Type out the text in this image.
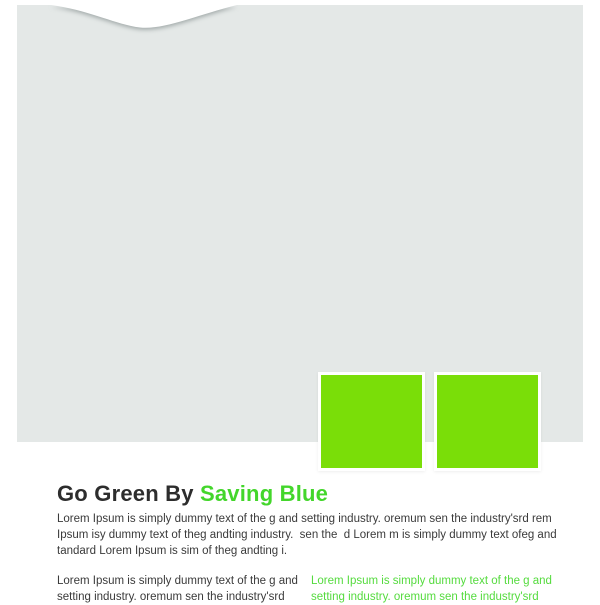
Go Green By Saving Blue
Lorem Ipsum is simply dummy text of the g and setting industry. oremum sen the industry'srd rem
Ipsum isy dummy text of theg andting industry.  sen the  d Lorem m is simply dummy text ofeg and
tandard Lorem Ipsum is sim of theg andting i.
Lorem Ipsum is simply dummy text of the g and
setting industry. oremum sen the industry'srd
Lorem Ipsum is simply dummy text of the g and
setting industry. oremum sen the industry'srd
